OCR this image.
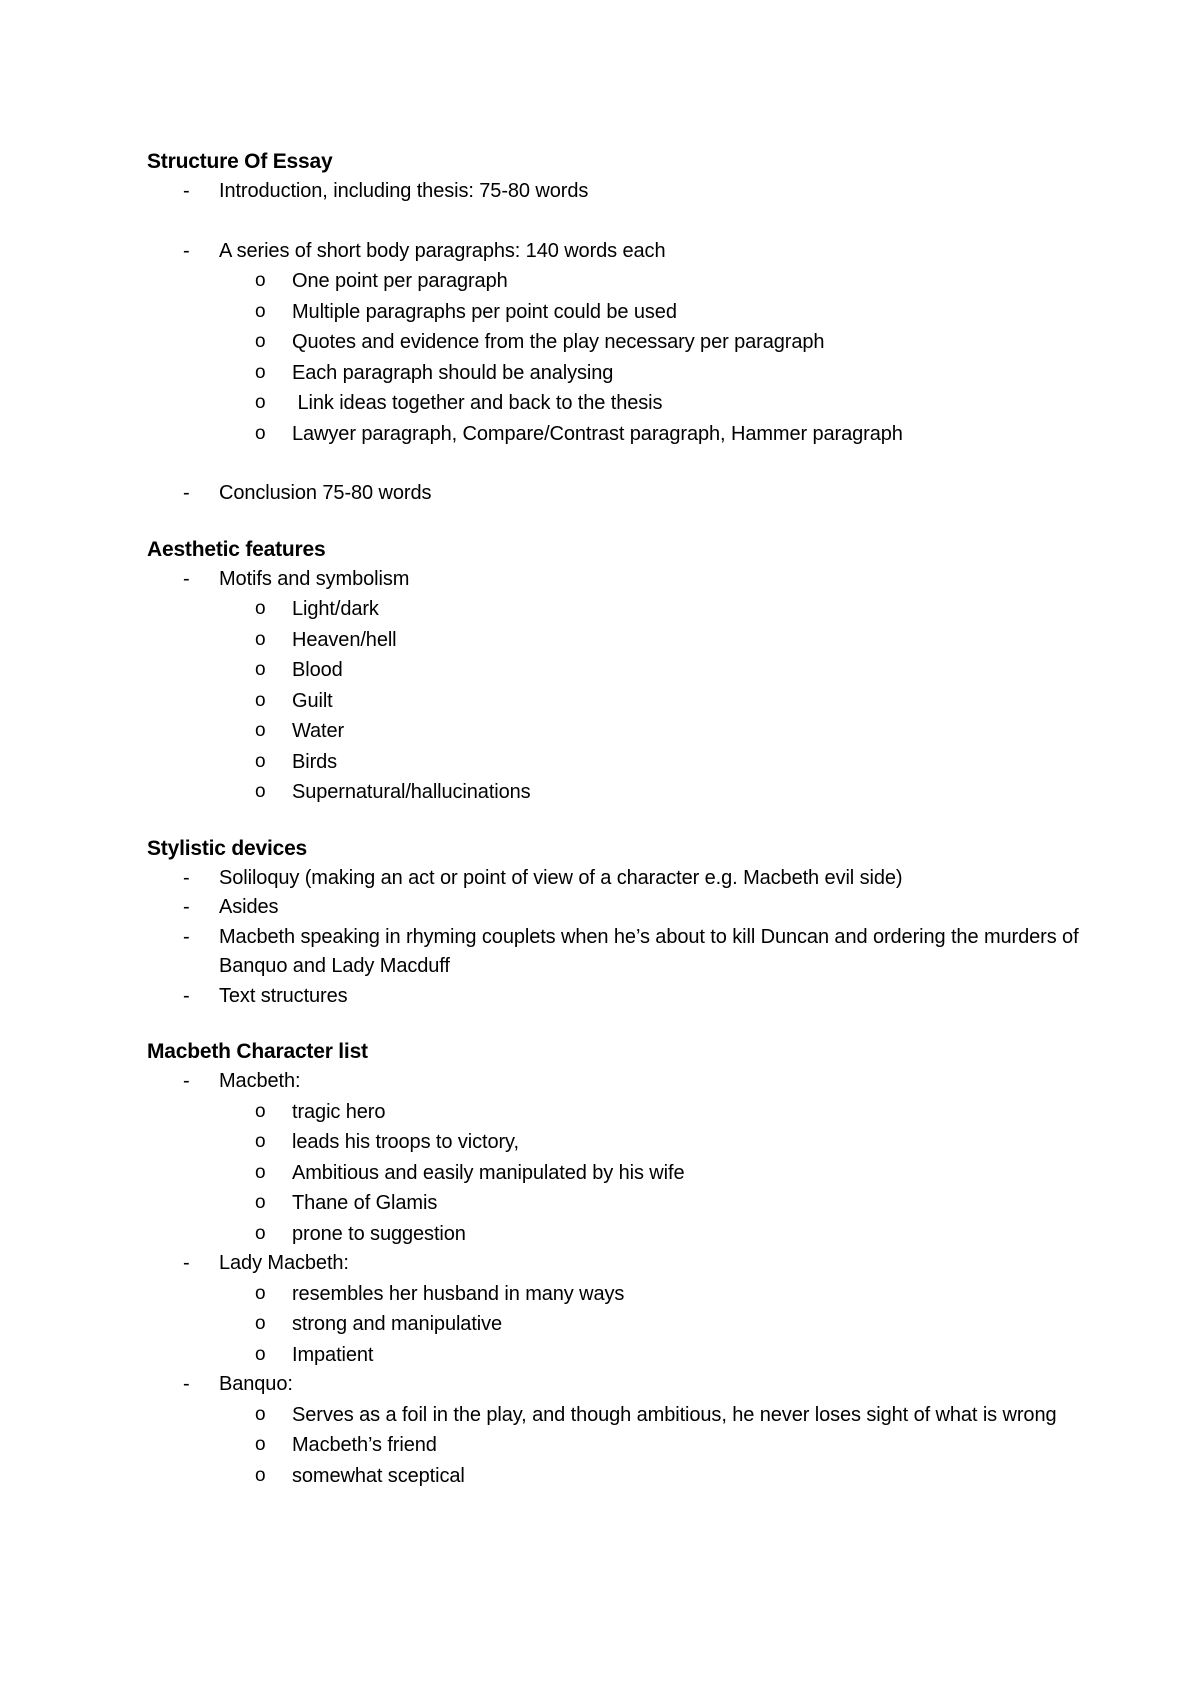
Structure Of Essay
- Introduction, including thesis: 75-80 words
- A series of short body paragraphs: 140 words each
o One point per paragraph
o Multiple paragraphs per point could be used
o Quotes and evidence from the play necessary per paragraph
o Each paragraph should be analysing
o Link ideas together and back to the thesis
o Lawyer paragraph, Compare/Contrast paragraph, Hammer paragraph
- Conclusion 75-80 words
Aesthetic features
- Motifs and symbolism
o Light/dark
o Heaven/hell
o Blood
o Guilt
o Water
o Birds
o Supernatural/hallucinations
Stylistic devices
- Soliloquy (making an act or point of view of a character e.g. Macbeth evil side)
- Asides
- Macbeth speaking in rhyming couplets when he’s about to kill Duncan and ordering the murders of Banquo and Lady Macduff
- Text structures
Macbeth Character list
- Macbeth:
o tragic hero
o leads his troops to victory,
o Ambitious and easily manipulated by his wife
o Thane of Glamis
o prone to suggestion
- Lady Macbeth:
o resembles her husband in many ways
o strong and manipulative
o Impatient
- Banquo:
o Serves as a foil in the play, and though ambitious, he never loses sight of what is wrong
o Macbeth’s friend
o somewhat sceptical
